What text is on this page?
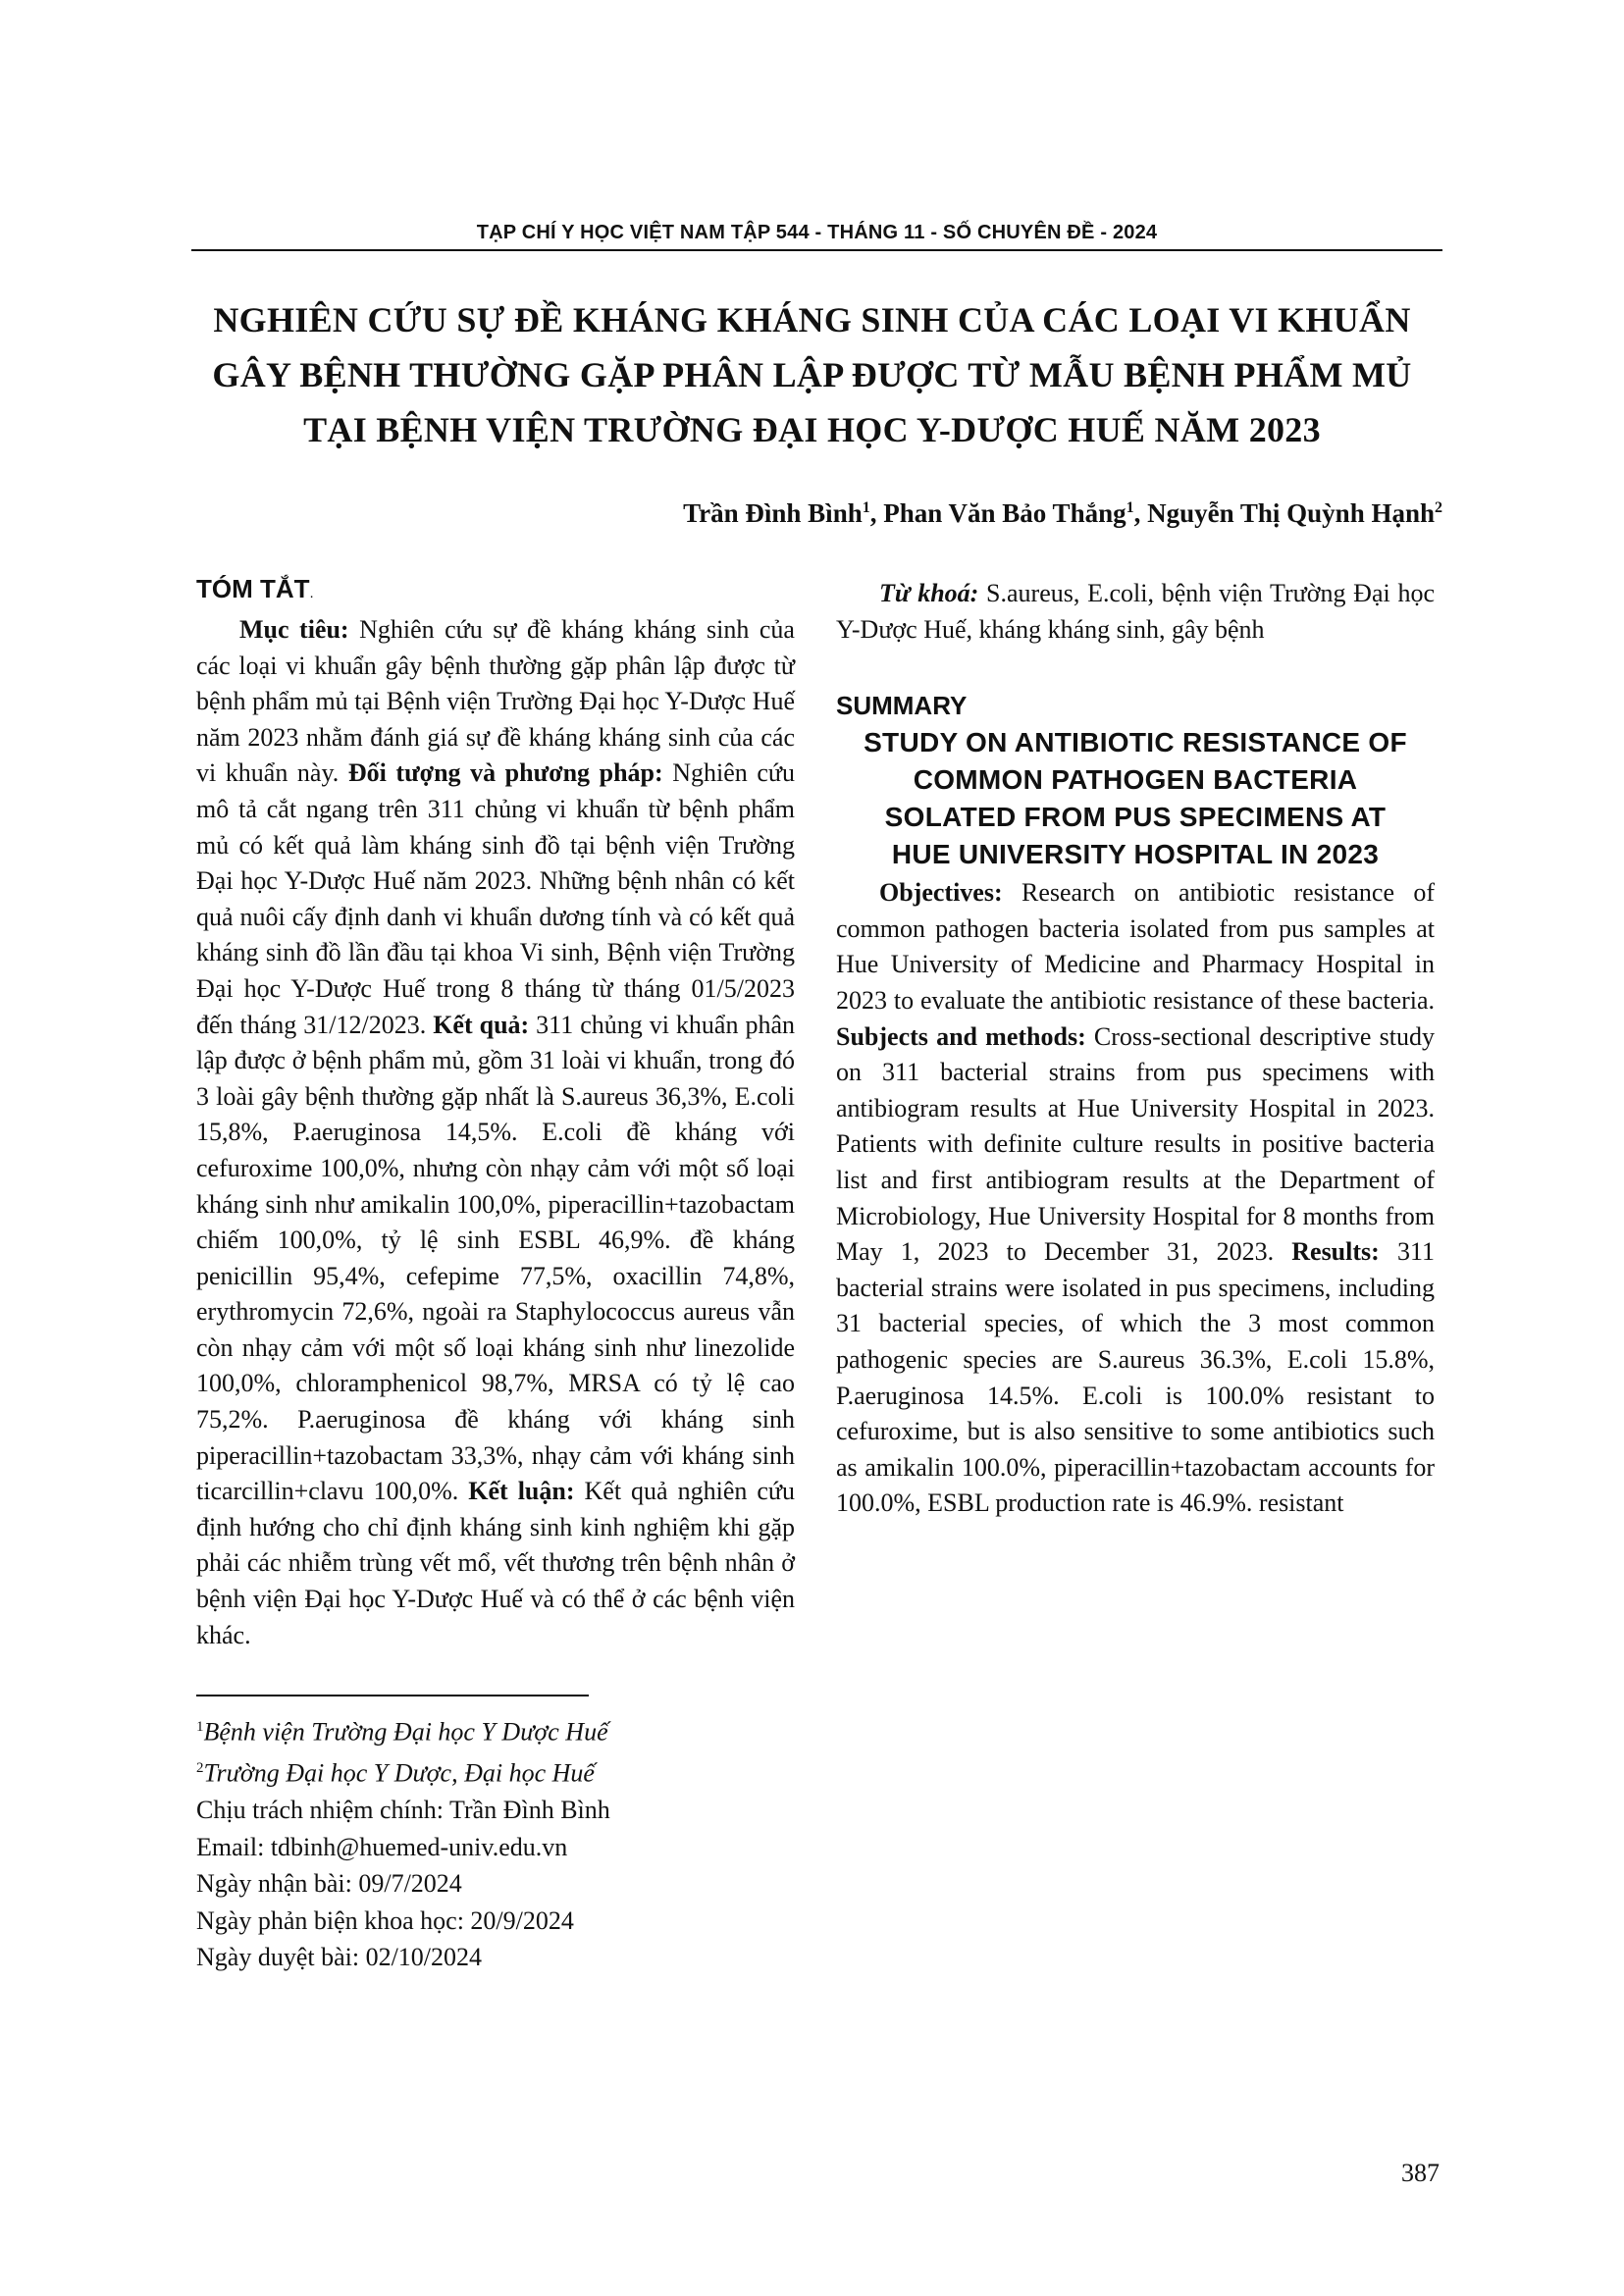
TẠP CHÍ Y HỌC VIỆT NAM TẬP 544 - THÁNG 11 - SỐ CHUYÊN ĐỀ - 2024
NGHIÊN CỨU SỰ ĐỀ KHÁNG KHÁNG SINH CỦA CÁC LOẠI VI KHUẨN
GÂY BỆNH THƯỜNG GẶP PHÂN LẬP ĐƯỢC TỪ MẪU BỆNH PHẨM MỦ
TẠI BỆNH VIỆN TRƯỜNG ĐẠI HỌC Y-DƯỢC HUẾ NĂM 2023
Trần Đình Bình$^1$, Phan Văn Bảo Thắng$^1$, Nguyễn Thị Quỳnh Hạnh$^2$
TÓM TẮT.

Mục tiêu: Nghiên cứu sự đề kháng kháng sinh của các loại vi khuẩn gây bệnh thường gặp phân lập được từ bệnh phẩm mủ tại Bệnh viện Trường Đại học Y-Dược Huế năm 2023 nhằm đánh giá sự đề kháng kháng sinh của các vi khuẩn này. Đối tượng và phương pháp: Nghiên cứu mô tả cắt ngang trên 311 chủng vi khuẩn từ bệnh phẩm mủ có kết quả làm kháng sinh đồ tại bệnh viện Trường Đại học Y-Dược Huế năm 2023. Những bệnh nhân có kết quả nuôi cấy định danh vi khuẩn dương tính và có kết quả kháng sinh đồ lần đầu tại khoa Vi sinh, Bệnh viện Trường Đại học Y-Dược Huế trong 8 tháng từ tháng 01/5/2023 đến tháng 31/12/2023. Kết quả: 311 chủng vi khuẩn phân lập được ở bệnh phẩm mủ, gồm 31 loài vi khuẩn, trong đó 3 loài gây bệnh thường gặp nhất là S.aureus 36,3%, E.coli 15,8%, P.aeruginosa 14,5%. E.coli đề kháng với cefuroxime 100,0%, nhưng còn nhạy cảm với một số loại kháng sinh như amikalin 100,0%, piperacillin+tazobactam chiếm 100,0%, tỷ lệ sinh ESBL 46,9%. đề kháng penicillin 95,4%, cefepime 77,5%, oxacillin 74,8%, erythromycin 72,6%, ngoài ra Staphylococcus aureus vẫn còn nhạy cảm với một số loại kháng sinh như linezolide 100,0%, chloramphenicol 98,7%, MRSA có tỷ lệ cao 75,2%. P.aeruginosa đề kháng với kháng sinh piperacillin+tazobactam 33,3%, nhạy cảm với kháng sinh ticarcillin+clavu 100,0%. Kết luận: Kết quả nghiên cứu định hướng cho chỉ định kháng sinh kinh nghiệm khi gặp phải các nhiễm trùng vết mổ, vết thương trên bệnh nhân ở bệnh viện Đại học Y-Dược Huế và có thể ở các bệnh viện khác.

$^1$Bệnh viện Trường Đại học Y Dược Huế
$^2$Trường Đại học Y Dược, Đại học Huế
Chịu trách nhiệm chính: Trần Đình Bình
Email: tdbinh@huemed-univ.edu.vn
Ngày nhận bài: 09/7/2024
Ngày phản biện khoa học: 20/9/2024
Ngày duyệt bài: 02/10/2024

Từ khoá: S.aureus, E.coli, bệnh viện Trường Đại học Y-Dược Huế, kháng kháng sinh, gây bệnh

SUMMARY
STUDY ON ANTIBIOTIC RESISTANCE OF
COMMON PATHOGEN BACTERIA
SOLATED FROM PUS SPECIMENS AT
HUE UNIVERSITY HOSPITAL IN 2023

Objectives: Research on antibiotic resistance of common pathogen bacteria isolated from pus samples at Hue University of Medicine and Pharmacy Hospital in 2023 to evaluate the antibiotic resistance of these bacteria. Subjects and methods: Cross-sectional descriptive study on 311 bacterial strains from pus specimens with antibiogram results at Hue University Hospital in 2023. Patients with definite culture results in positive bacteria list and first antibiogram results at the Department of Microbiology, Hue University Hospital for 8 months from May 1, 2023 to December 31, 2023. Results: 311 bacterial strains were isolated in pus specimens, including 31 bacterial species, of which the 3 most common pathogenic species are S.aureus 36.3%, E.coli 15.8%, P.aeruginosa 14.5%. E.coli is 100.0% resistant to cefuroxime, but is also sensitive to some antibiotics such as amikalin 100.0%, piperacillin+tazobactam accounts for 100.0%, ESBL production rate is 46.9%. resistant

387
